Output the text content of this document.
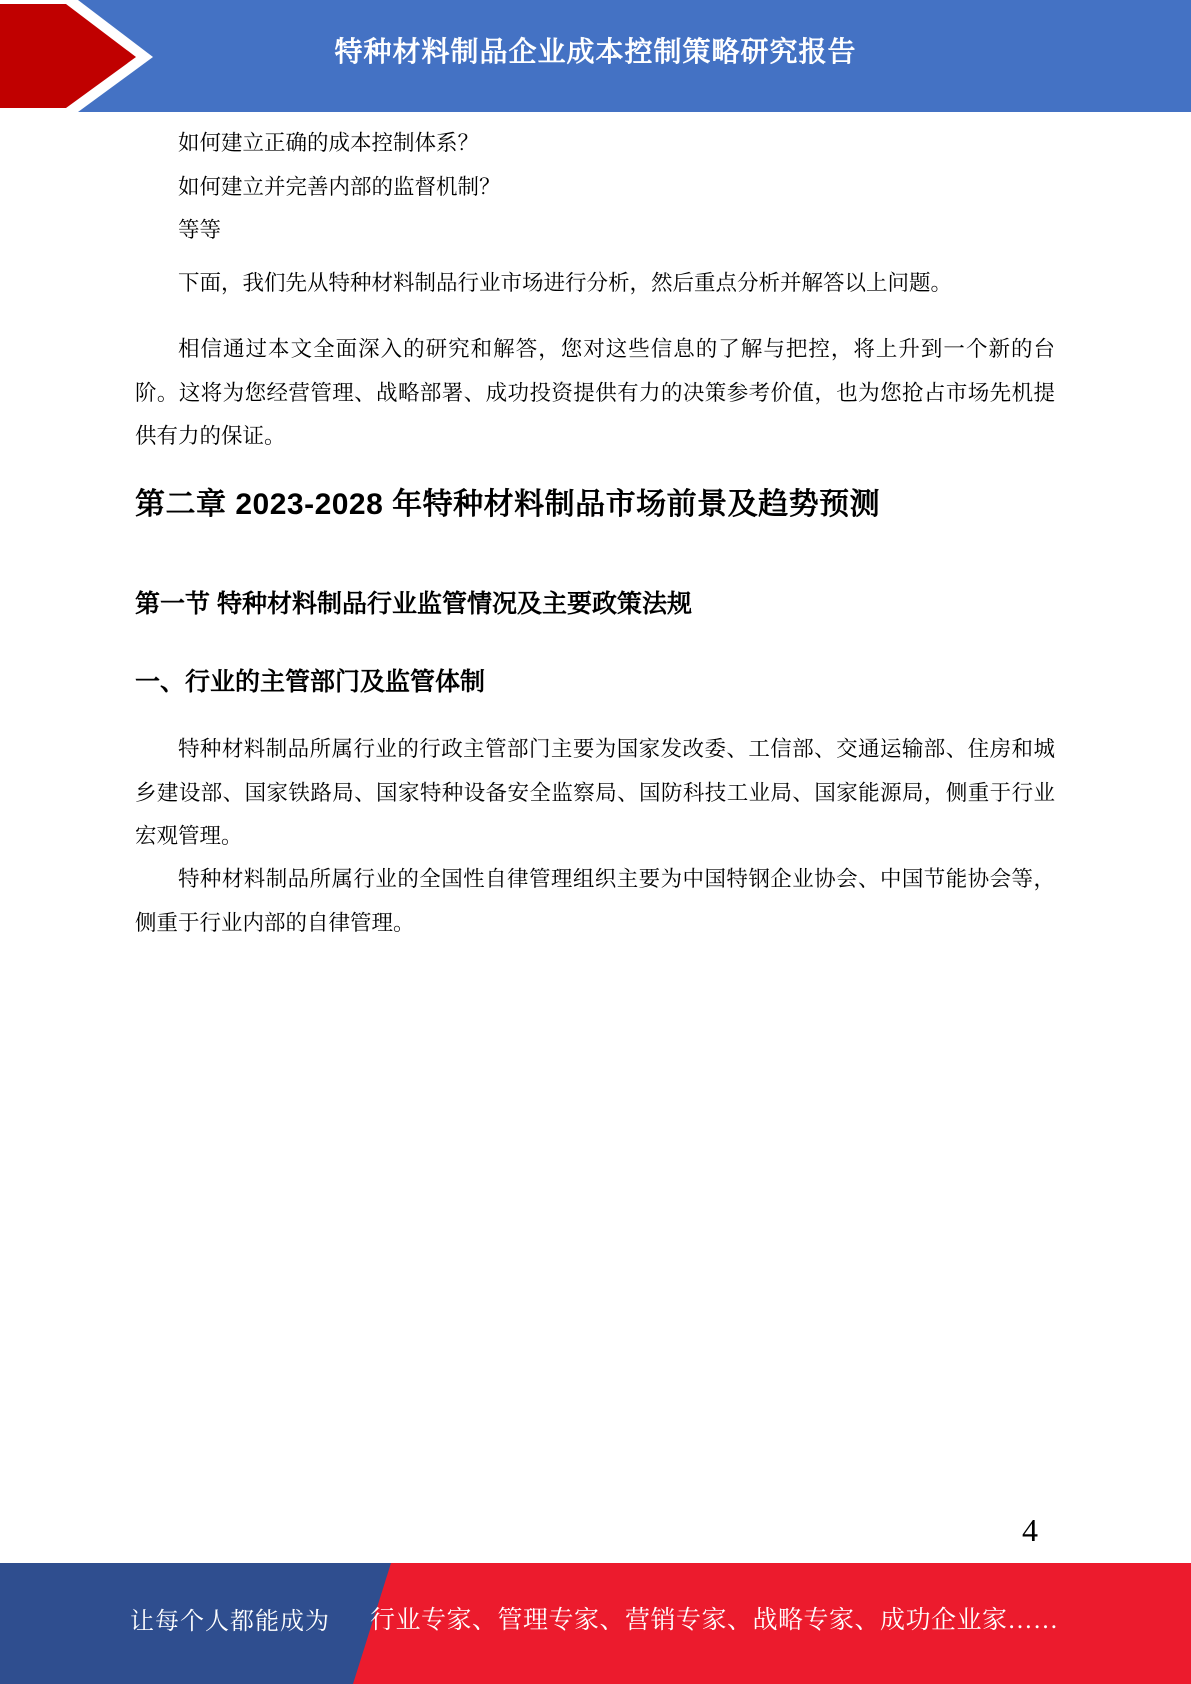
特种材料制品企业成本控制策略研究报告

如何建立正确的成本控制体系？

如何建立并完善内部的监督机制？

等等

下面，我们先从特种材料制品行业市场进行分析，然后重点分析并解答以上问题。

相信通过本文全面深入的研究和解答，您对这些信息的了解与把控，将上升到一个新的台阶。这将为您经营管理、战略部署、成功投资提供有力的决策参考价值，也为您抢占市场先机提供有力的保证。

第二章 2023-2028 年特种材料制品市场前景及趋势预测
第一节 特种材料制品行业监管情况及主要政策法规
一、行业的主管部门及监管体制

特种材料制品所属行业的行政主管部门主要为国家发改委、工信部、交通运输部、住房和城乡建设部、国家铁路局、国家特种设备安全监察局、国防科技工业局、国家能源局，侧重于行业宏观管理。

特种材料制品所属行业的全国性自律管理组织主要为中国特钢企业协会、中国节能协会等，侧重于行业内部的自律管理。

4
让每个人都能成为 行业专家、管理专家、营销专家、战略专家、成功企业家……
